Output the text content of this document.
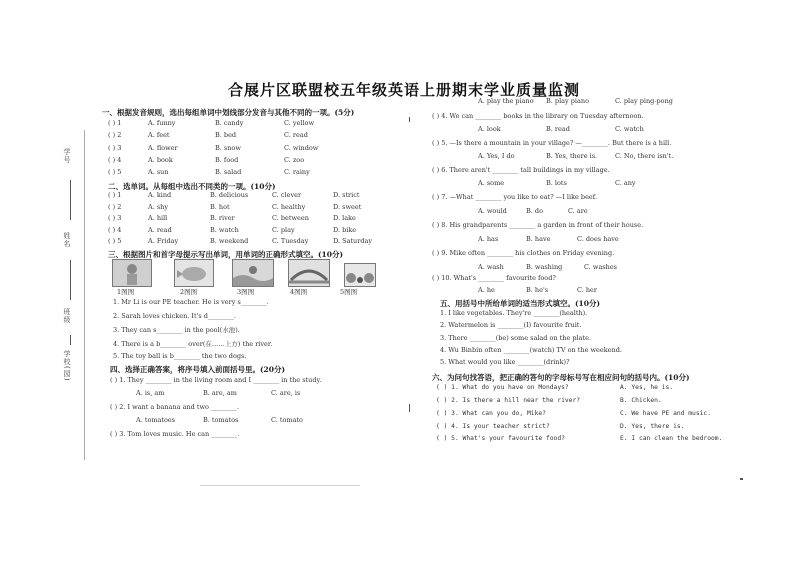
合展片区联盟校五年级英语上册期末学业质量监测
学号
姓名
班级
学校(园)
一、根据发音规则，选出每组单词中划线部分发音与其他不同的一项。(5分)
( ) 1	A. funny	B. candy	C. yellow
( ) 2	A. feet	B. bed	C. read
( ) 3	A. flower	B. snow	C. window
( ) 4	A. book	B. food	C. zoo
( ) 5	A. sun	B. salad	C. rainy
二、选单词。从每组中选出不同类的一项。(10分)
( ) 1	A. kind	B. delicious	C. clever	D. strict
( ) 2	A. shy	B. hot	C. healthy	D. sweet
( ) 3	A. hill	B. river	C. between	D. lake
( ) 4	A. read	B. watch	C. play	D. bike
( ) 5	A. Friday	B. weekend	C. Tuesday	D. Saturday
三、根据图片和首字母提示写出单词，用单词的正确形式填空。(10分)
1图图	2图图	3图图	4图图	5图图
1. Mr Li is our PE teacher. He is very s________.
2. Sarah loves chicken. It's d________.
3. They can s________ in the pool(水池).
4. There is a b________ over(在……上方) the river.
5. The toy ball is b________ the two dogs.
四、选择正确答案，将序号填入前面括号里。(20分)
( ) 1. They ________ in the living room and I ________ in the study.
A. is, am	B. are, am	C. are, is
( ) 2. I want a banana and two ________.
A. tomatoes	B. tomatos	C. tomato
( ) 3. Tom loves music. He can ________.
A. play the piano B. play piano	C. play ping-pong
( ) 4. We can ________ books in the library on Tuesday afternoon.
A. look	B. read	C. watch
( ) 5. —Is there a mountain in your village? —________. But there is a hill.
A. Yes, I do	B. Yes, there is.	C. No, there isn't.
( ) 6. There aren't ________ tall buildings in my village.
A. some	B. lots	C. any
( ) 7. —What ________ you like to eat? —I like beef.
A. would	B. do	C. are
( ) 8. His grandparents ________ a garden in front of their house.
A. has	B. have	C. does have
( ) 9. Mike often ________ his clothes on Friday evening.
A. wash	B. washing	C. washes
( ) 10. What's ________ favourite food?
A. he	B. he's	C. her
五、用括号中所给单词的适当形式填空。(10分)
1. I like vegetables. They're ________(health).
2. Watermelon is ________(I) favourite fruit.
3. There ________(be) some salad on the plate.
4. Wu Binbin often ________(watch) TV on the weekend.
5. What would you like ________(drink)?
六、为问句找答语，把正确的答句的字母标号写在相应问句的括号内。(10分)
( ) 1. What do you have on Mondays?	A. Yes, he is.
( ) 2. Is there a hill near the river?	B. Chicken.
( ) 3. What can you do, Mike?	C. We have PE and music.
( ) 4. Is your teacher strict?	D. Yes, there is.
( ) 5. What's your favourite food?	E. I can clean the bedroom.
